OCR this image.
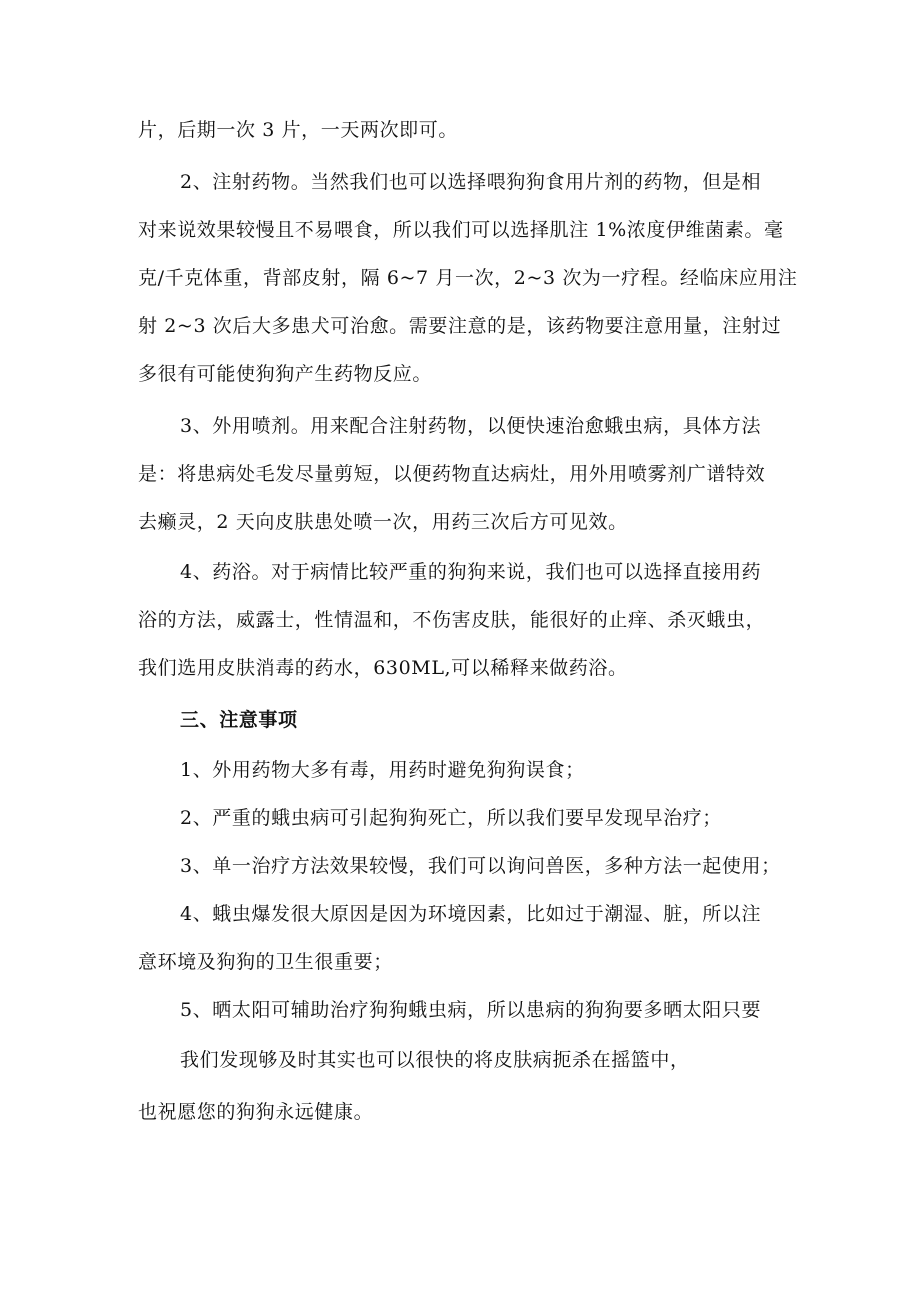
片，后期一次 3 片，一天两次即可。
2、注射药物。当然我们也可以选择喂狗狗食用片剂的药物，但是相
对来说效果较慢且不易喂食，所以我们可以选择肌注 1%浓度伊维菌素。毫
克/千克体重，背部皮射，隔 6~7 月一次，2~3 次为一疗程。经临床应用注
射 2~3 次后大多患犬可治愈。需要注意的是，该药物要注意用量，注射过
多很有可能使狗狗产生药物反应。
3、外用喷剂。用来配合注射药物，以便快速治愈蛾虫病，具体方法
是：将患病处毛发尽量剪短，以便药物直达病灶，用外用喷雾剂广谱特效
去癞灵，2 天向皮肤患处喷一次，用药三次后方可见效。
4、药浴。对于病情比较严重的狗狗来说，我们也可以选择直接用药
浴的方法，威露士，性情温和，不伤害皮肤，能很好的止痒、杀灭蛾虫，
我们选用皮肤消毒的药水，630ML,可以稀释来做药浴。
三、注意事项
1、外用药物大多有毒，用药时避免狗狗误食；
2、严重的蛾虫病可引起狗狗死亡，所以我们要早发现早治疗；
3、单一治疗方法效果较慢，我们可以询问兽医，多种方法一起使用；
4、蛾虫爆发很大原因是因为环境因素，比如过于潮湿、脏，所以注
意环境及狗狗的卫生很重要；
5、晒太阳可辅助治疗狗狗蛾虫病，所以患病的狗狗要多晒太阳只要
我们发现够及时其实也可以很快的将皮肤病扼杀在摇篮中，
也祝愿您的狗狗永远健康。
